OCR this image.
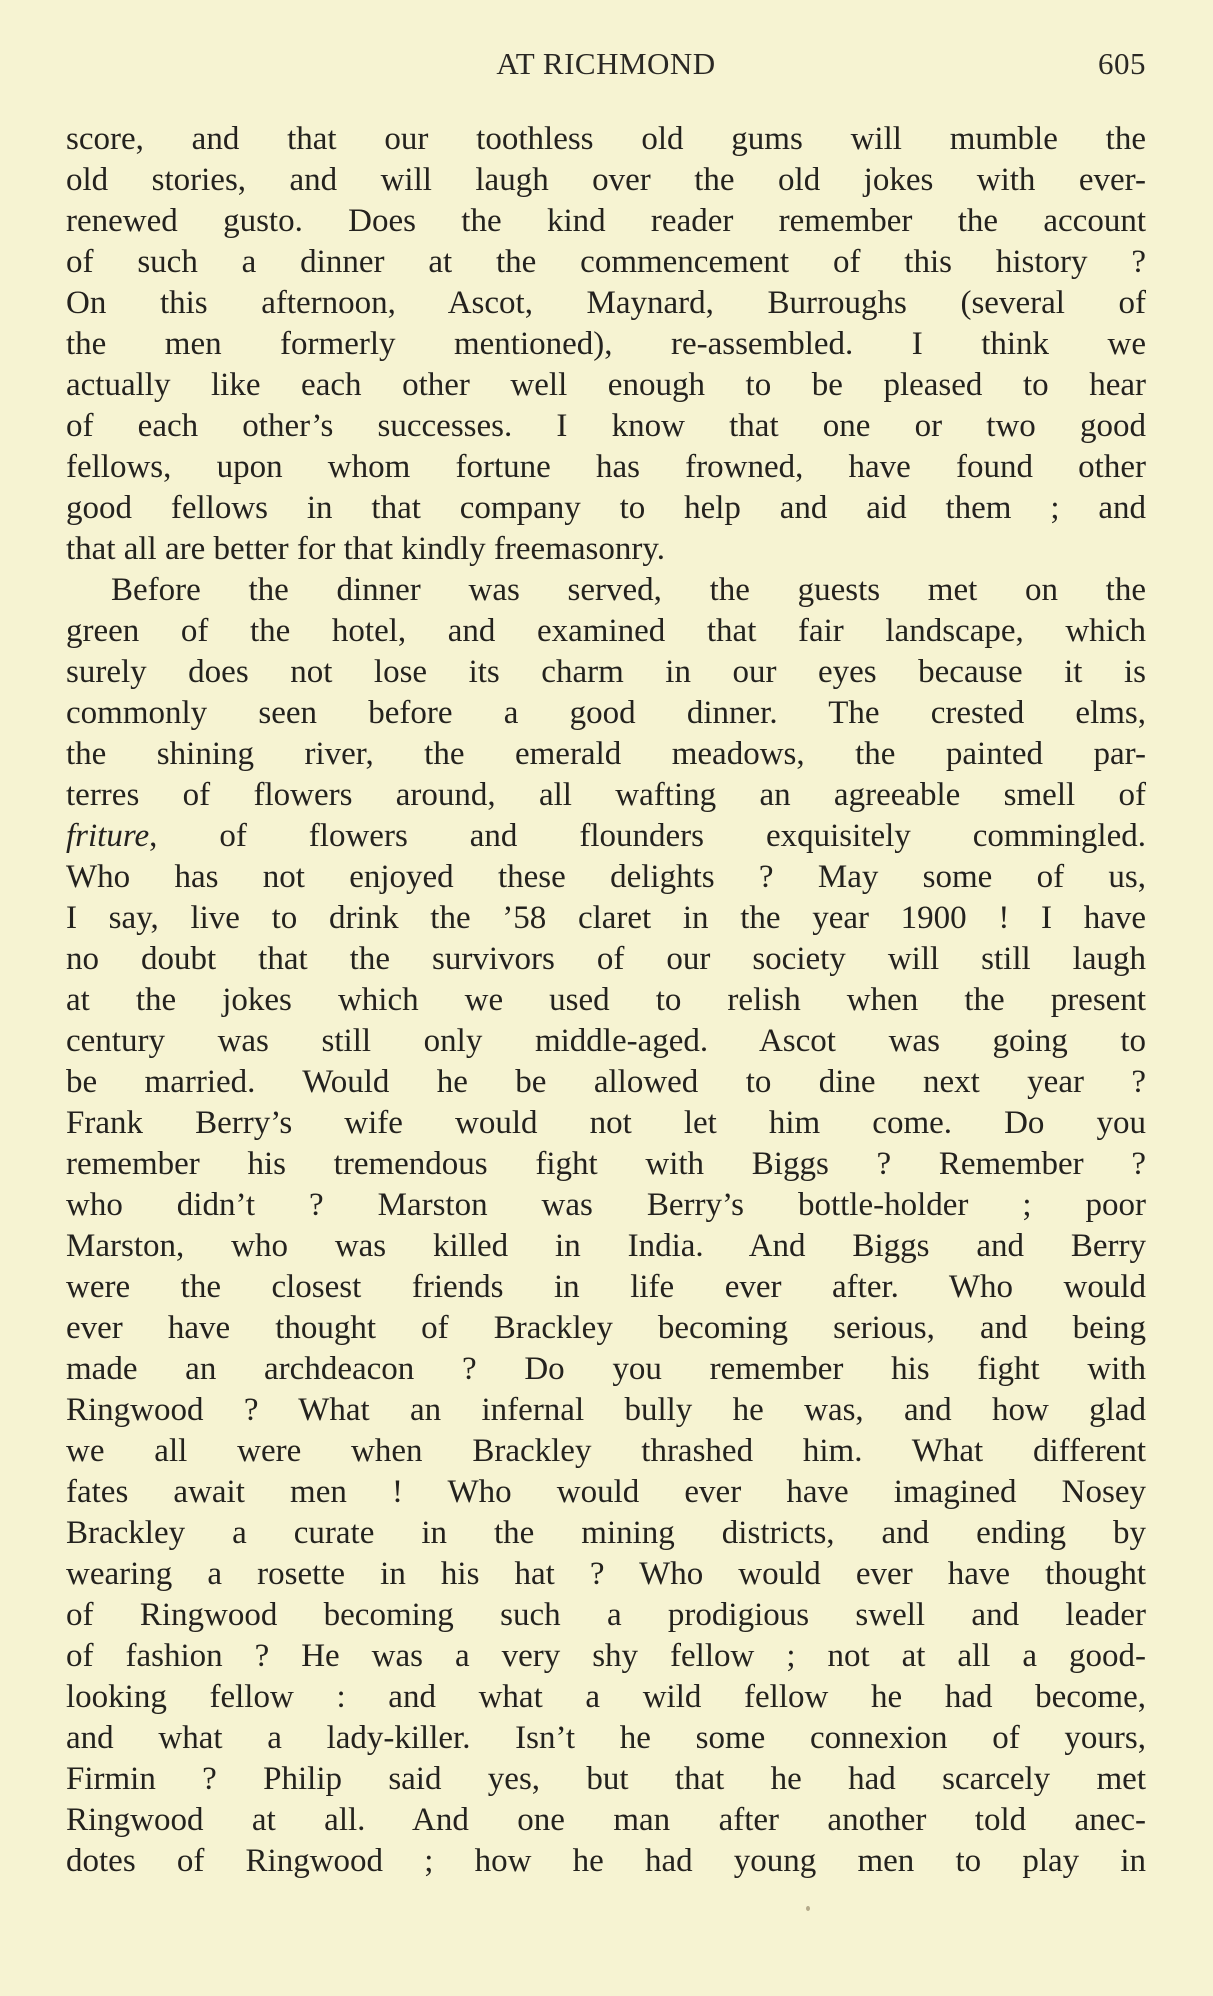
AT RICHMOND	605
score, and that our toothless old gums will mumble the
old stories, and will laugh over the old jokes with ever-
renewed gusto. Does the kind reader remember the account
of such a dinner at the commencement of this history ?
On this afternoon, Ascot, Maynard, Burroughs (several of
the men formerly mentioned), re-assembled. I think we
actually like each other well enough to be pleased to hear
of each other’s successes. I know that one or two good
fellows, upon whom fortune has frowned, have found other
good fellows in that company to help and aid them ; and
that all are better for that kindly freemasonry.
Before the dinner was served, the guests met on the
green of the hotel, and examined that fair landscape, which
surely does not lose its charm in our eyes because it is
commonly seen before a good dinner. The crested elms,
the shining river, the emerald meadows, the painted par-
terres of flowers around, all wafting an agreeable smell of
friture, of flowers and flounders exquisitely commingled.
Who has not enjoyed these delights ? May some of us,
I say, live to drink the ’58 claret in the year 1900 ! I have
no doubt that the survivors of our society will still laugh
at the jokes which we used to relish when the present
century was still only middle-aged. Ascot was going to
be married. Would he be allowed to dine next year ?
Frank Berry’s wife would not let him come. Do you
remember his tremendous fight with Biggs ? Remember ?
who didn’t ? Marston was Berry’s bottle-holder ; poor
Marston, who was killed in India. And Biggs and Berry
were the closest friends in life ever after. Who would
ever have thought of Brackley becoming serious, and being
made an archdeacon ? Do you remember his fight with
Ringwood ? What an infernal bully he was, and how glad
we all were when Brackley thrashed him. What different
fates await men ! Who would ever have imagined Nosey
Brackley a curate in the mining districts, and ending by
wearing a rosette in his hat ? Who would ever have thought
of Ringwood becoming such a prodigious swell and leader
of fashion ? He was a very shy fellow ; not at all a good-
looking fellow : and what a wild fellow he had become,
and what a lady-killer. Isn’t he some connexion of yours,
Firmin ? Philip said yes, but that he had scarcely met
Ringwood at all. And one man after another told anec-
dotes of Ringwood ; how he had young men to play in
